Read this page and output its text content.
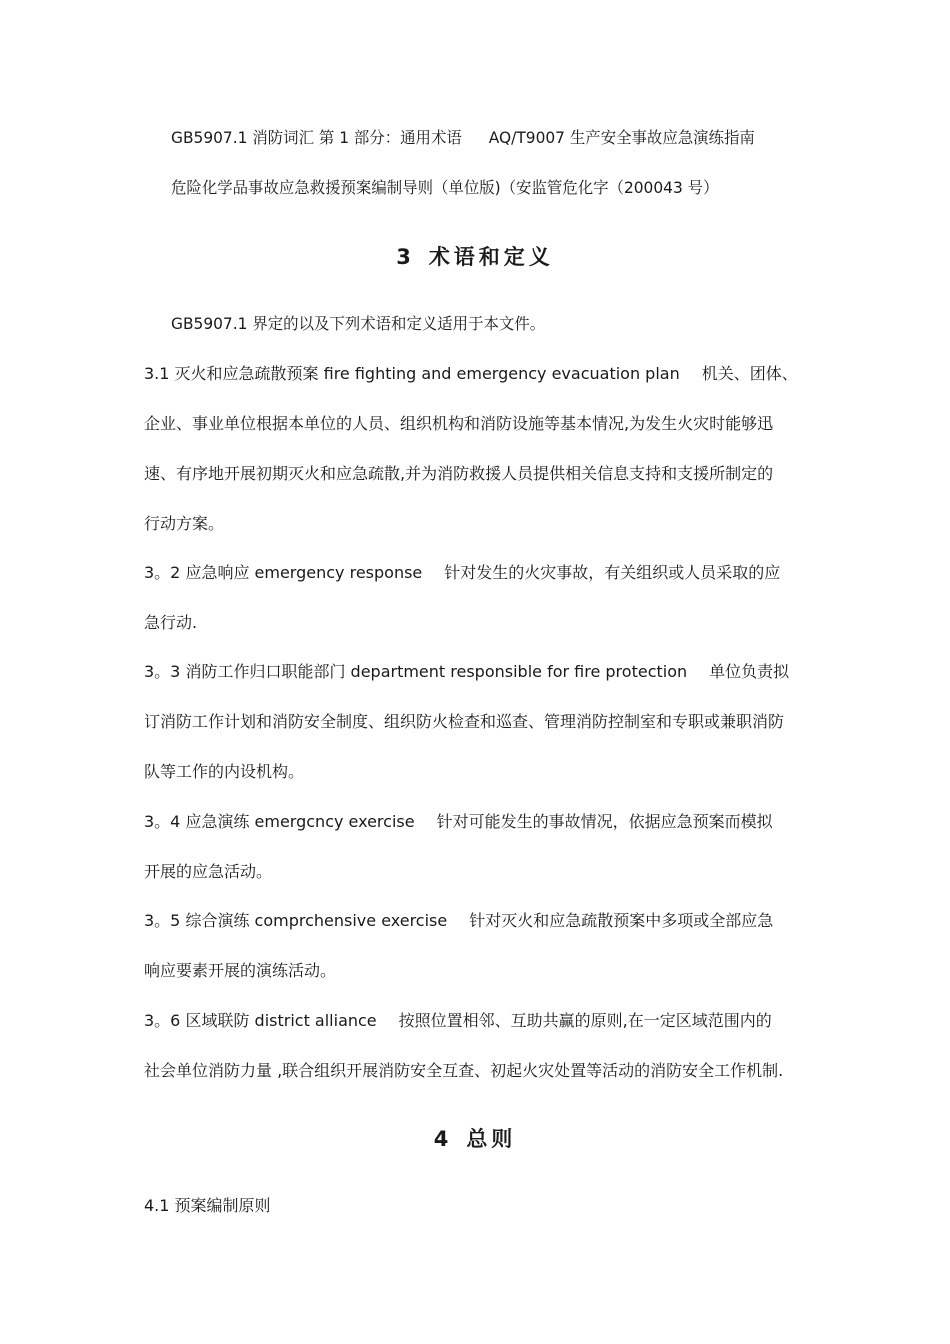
GB5907.1 消防词汇 第 1 部分：通用术语 AQ/T9007 生产安全事故应急演练指南
危险化学品事故应急救援预案编制导则（单位版)（安监管危化字（200043 号）
3 术语和定义
GB5907.1 界定的以及下列术语和定义适用于本文件。
3.1 灭火和应急疏散预案 fire fighting and emergency evacuation plan 机关、团体、
企业、事业单位根据本单位的人员、组织机构和消防设施等基本情况,为发生火灾时能够迅
速、有序地开展初期灭火和应急疏散,并为消防救援人员提供相关信息支持和支援所制定的
行动方案。
3。2 应急响应 emergency response 针对发生的火灾事故，有关组织或人员采取的应
急行动.
3。3 消防工作归口职能部门 department responsible for fire protection 单位负责拟
订消防工作计划和消防安全制度、组织防火检查和巡查、管理消防控制室和专职或兼职消防
队等工作的内设机构。
3。4 应急演练 emergcncy exercise 针对可能发生的事故情况，依据应急预案而模拟
开展的应急活动。
3。5 综合演练 comprchensive exercise 针对灭火和应急疏散预案中多项或全部应急
响应要素开展的演练活动。
3。6 区域联防 district alliance 按照位置相邻、互助共赢的原则,在一定区域范围内的
社会单位消防力量 ,联合组织开展消防安全互查、初起火灾处置等活动的消防安全工作机制.
4 总则
4.1 预案编制原则
